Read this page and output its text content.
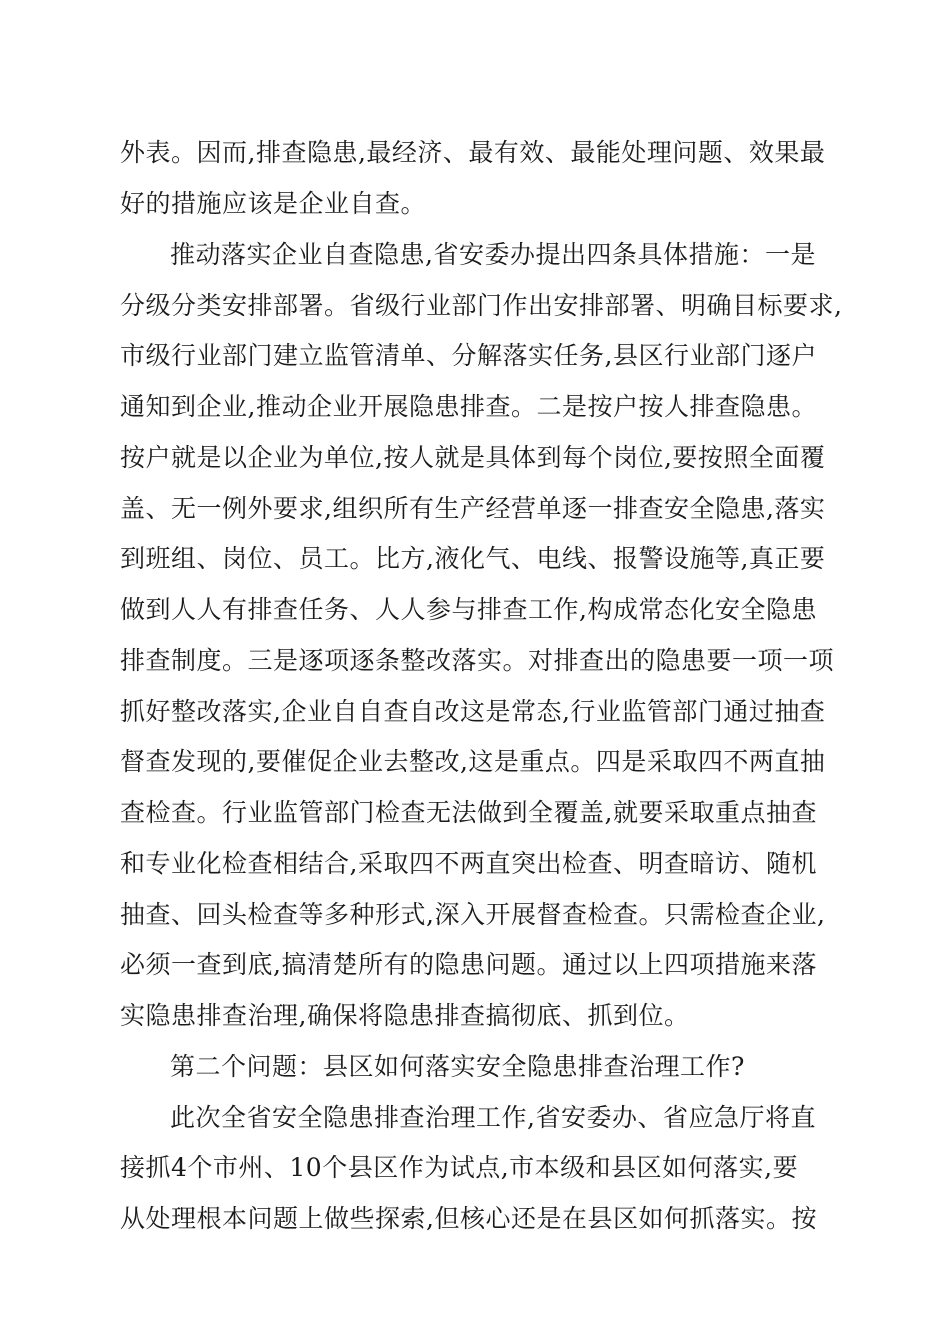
外表。因而,排查隐患,最经济、最有效、最能处理问题、效果最
好的措施应该是企业自查。
推动落实企业自查隐患,省安委办提出四条具体措施：一是
分级分类安排部署。省级行业部门作出安排部署、明确目标要求,
市级行业部门建立监管清单、分解落实任务,县区行业部门逐户
通知到企业,推动企业开展隐患排查。二是按户按人排查隐患。
按户就是以企业为单位,按人就是具体到每个岗位,要按照全面覆
盖、无一例外要求,组织所有生产经营单逐一排查安全隐患,落实
到班组、岗位、员工。比方,液化气、电线、报警设施等,真正要
做到人人有排查任务、人人参与排查工作,构成常态化安全隐患
排查制度。三是逐项逐条整改落实。对排查出的隐患要一项一项
抓好整改落实,企业自自查自改这是常态,行业监管部门通过抽查
督查发现的,要催促企业去整改,这是重点。四是采取四不两直抽
查检查。行业监管部门检查无法做到全覆盖,就要采取重点抽查
和专业化检查相结合,采取四不两直突出检查、明查暗访、随机
抽查、回头检查等多种形式,深入开展督查检查。只需检查企业,
必须一查到底,搞清楚所有的隐患问题。通过以上四项措施来落
实隐患排查治理,确保将隐患排查搞彻底、抓到位。
第二个问题：县区如何落实安全隐患排查治理工作?
此次全省安全隐患排查治理工作,省安委办、省应急厅将直
接抓4个市州、10个县区作为试点,市本级和县区如何落实,要
从处理根本问题上做些探索,但核心还是在县区如何抓落实。按
